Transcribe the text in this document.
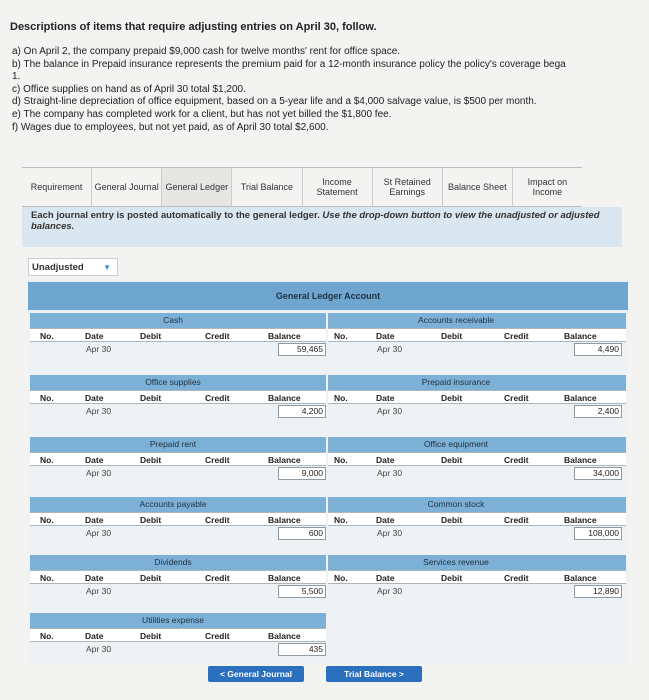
Descriptions of items that require adjusting entries on April 30, follow.
a) On April 2, the company prepaid $9,000 cash for twelve months' rent for office space.
b) The balance in Prepaid insurance represents the premium paid for a 12-month insurance policy the policy's coverage bega
1.
c) Office supplies on hand as of April 30 total $1,200.
d) Straight-line depreciation of office equipment, based on a 5-year life and a $4,000 salvage value, is $500 per month.
e) The company has completed work for a client, but has not yet billed the $1,800 fee.
f) Wages due to employees, but not yet paid, as of April 30 total $2,600.
Requirement	General Journal General Ledger	Trial Balance	Income Statement
St Retained Earnings	Balance Sheet	Impact on Income
Each journal entry is posted automatically to the general ledger. Use the drop-down button to view the unadjusted or adjusted balances.
Unadjusted ▼
General Ledger Account
Cash
No.	Date	Debit	Credit	Balance
Apr 30	59,465
Accounts receivable
No.	Date	Debit	Credit	Balance
Apr 30	4,490
Office supplies
No.	Date	Debit	Credit	Balance
Apr 30	4,200
Prepaid insurance
No.	Date	Debit	Credit	Balance
Apr 30	2,400
Prepaid rent
No.	Date	Debit	Credit	Balance
Apr 30	9,000
Office equipment
No.	Date	Debit	Credit	Balance
Apr 30	34,000
Accounts payable
No.	Date	Debit	Credit	Balance
Apr 30	600
Common stock
No.	Date	Debit	Credit	Balance
Apr 30	108,000
Dividends
No.	Date	Debit	Credit	Balance
Apr 30	5,500
Services revenue
No.	Date	Debit	Credit	Balance
Apr 30	12,890
Utilities expense
No.	Date	Debit	Credit	Balance
Apr 30	435
< General Journal	Trial Balance >
